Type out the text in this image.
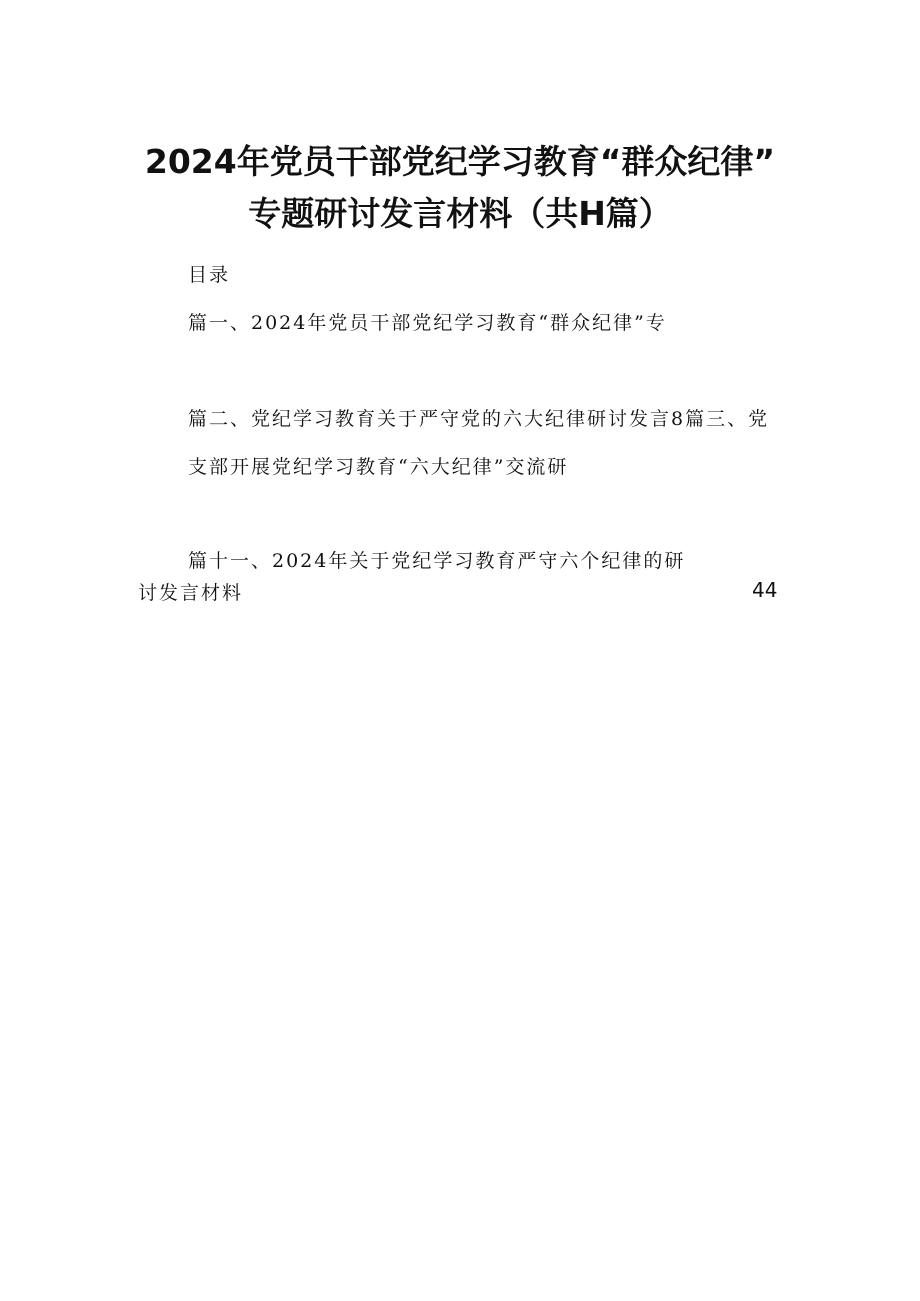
2024年党员干部党纪学习教育“群众纪律”
专题研讨发言材料（共H篇）
目录
篇一、2024年党员干部党纪学习教育“群众纪律”专
篇二、党纪学习教育关于严守党的六大纪律研讨发言8篇三、党
支部开展党纪学习教育“六大纪律”交流研
篇十一、2024年关于党纪学习教育严守六个纪律的研
讨发言材料	44
